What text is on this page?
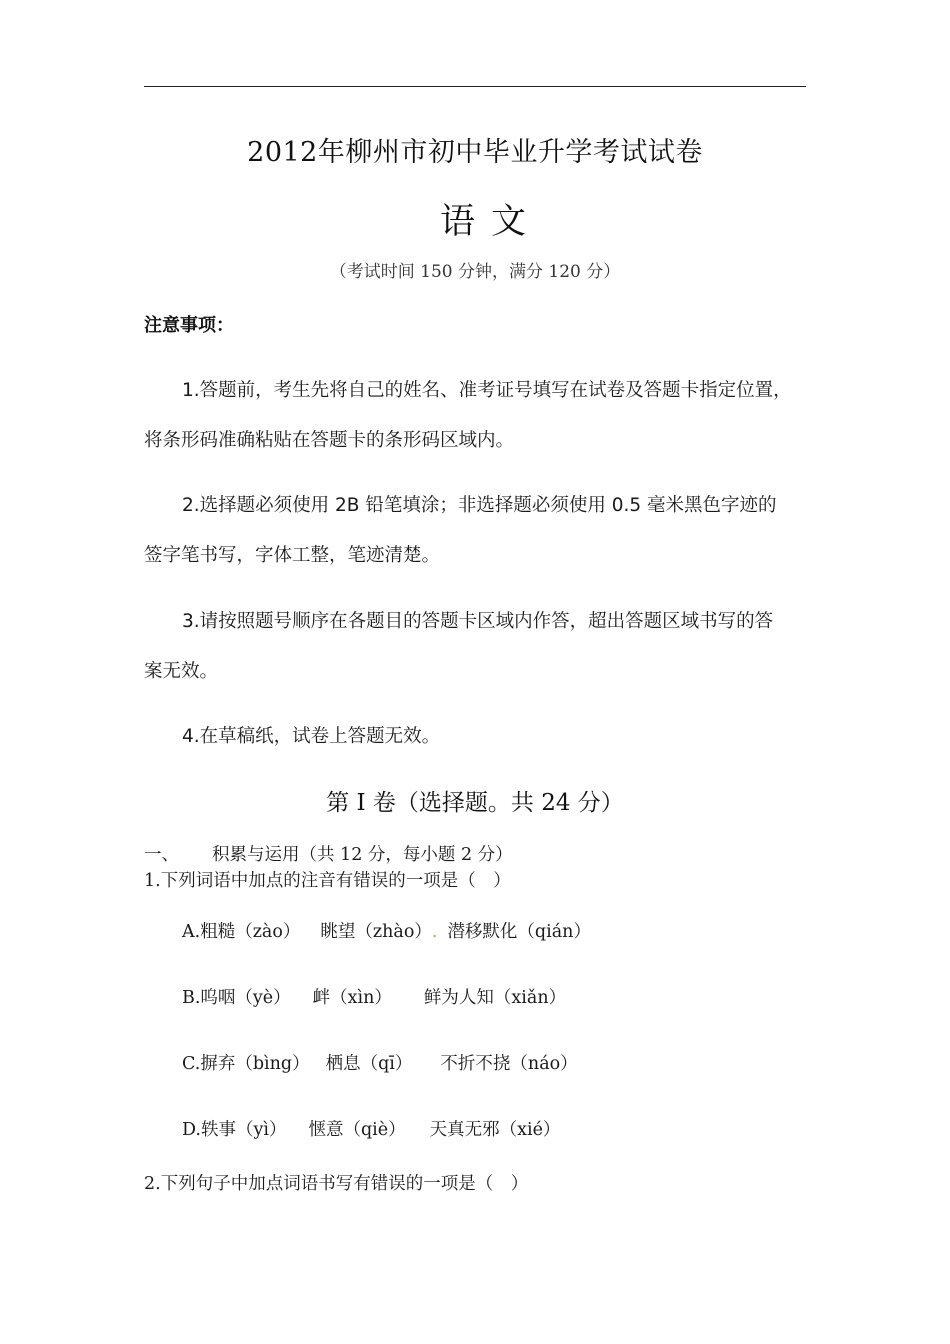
2012年柳州市初中毕业升学考试试卷
语文
（考试时间 150 分钟，满分 120 分）
注意事项：
1.答题前，考生先将自己的姓名、准考证号填写在试卷及答题卡指定位置，
将条形码准确粘贴在答题卡的条形码区域内。
2.选择题必须使用 2B 铅笔填涂；非选择题必须使用 0.5 毫米黑色字迹的
签字笔书写，字体工整，笔迹清楚。
3.请按照题号顺序在各题目的答题卡区域内作答，超出答题区域书写的答
案无效。
4.在草稿纸，试卷上答题无效。
第 Ⅰ 卷（选择题。共 24 分）
一、 积累与运用（共 12 分，每小题 2 分）
1.下列词语中加点的注音有错误的一项是（　）
A.粗糙（zào） 眺望（zhào）. 潜移默化（qián）
B.呜咽（yè） 衅（xìn） 鲜为人知（xiǎn）
C.摒弃（bìng） 栖息（qī） 不折不挠（náo）
D.轶事（yì） 惬意（qiè） 天真无邪（xié）
2.下列句子中加点词语书写有错误的一项是（　）
